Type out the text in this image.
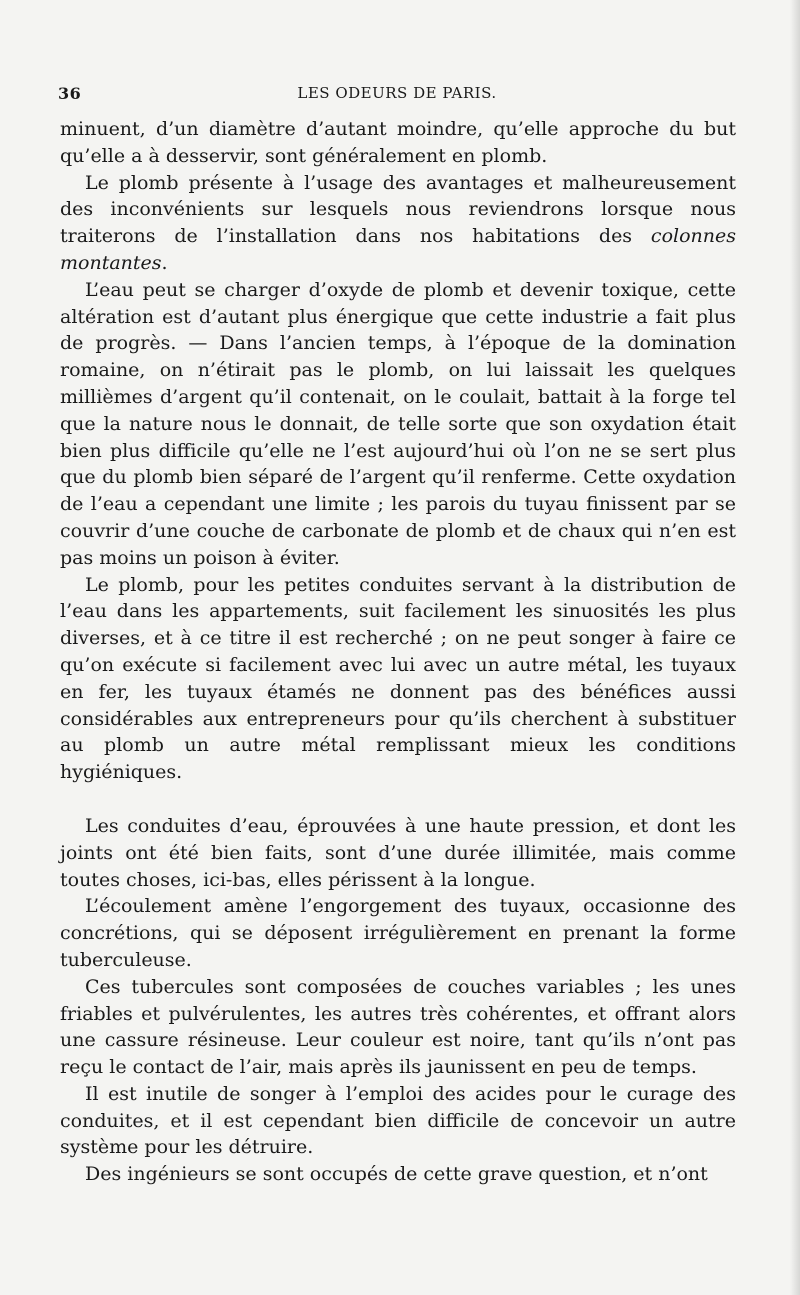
36	LES ODEURS DE PARIS.

minuent, d’un diamètre d’autant moindre, qu’elle approche du but qu’elle a à desservir, sont généralement en plomb.

Le plomb présente à l’usage des avantages et malheureusement des inconvénients sur lesquels nous reviendrons lorsque nous traiterons de l’installation dans nos habitations des colonnes montantes.

L’eau peut se charger d’oxyde de plomb et devenir toxique, cette altération est d’autant plus énergique que cette industrie a fait plus de progrès. — Dans l’ancien temps, à l’époque de la domination romaine, on n’étirait pas le plomb, on lui laissait les quelques millièmes d’argent qu’il contenait, on le coulait, battait à la forge tel que la nature nous le donnait, de telle sorte que son oxydation était bien plus difficile qu’elle ne l’est aujourd’hui où l’on ne se sert plus que du plomb bien séparé de l’argent qu’il renferme. Cette oxydation de l’eau a cependant une limite ; les parois du tuyau finissent par se couvrir d’une couche de carbonate de plomb et de chaux qui n’en est pas moins un poison à éviter.

Le plomb, pour les petites conduites servant à la distribution de l’eau dans les appartements, suit facilement les sinuosités les plus diverses, et à ce titre il est recherché ; on ne peut songer à faire ce qu’on exécute si facilement avec lui avec un autre métal, les tuyaux en fer, les tuyaux étamés ne donnent pas des bénéfices aussi considérables aux entrepreneurs pour qu’ils cherchent à substituer au plomb un autre métal remplissant mieux les conditions hygiéniques.

Les conduites d’eau, éprouvées à une haute pression, et dont les joints ont été bien faits, sont d’une durée illimitée, mais comme toutes choses, ici-bas, elles périssent à la longue.

L’écoulement amène l’engorgement des tuyaux, occasionne des concrétions, qui se déposent irrégulièrement en prenant la forme tuberculeuse.

Ces tubercules sont composées de couches variables ; les unes friables et pulvérulentes, les autres très cohérentes, et offrant alors une cassure résineuse. Leur couleur est noire, tant qu’ils n’ont pas reçu le contact de l’air, mais après ils jaunissent en peu de temps.

Il est inutile de songer à l’emploi des acides pour le curage des conduites, et il est cependant bien difficile de concevoir un autre système pour les détruire.

Des ingénieurs se sont occupés de cette grave question, et n’ont
